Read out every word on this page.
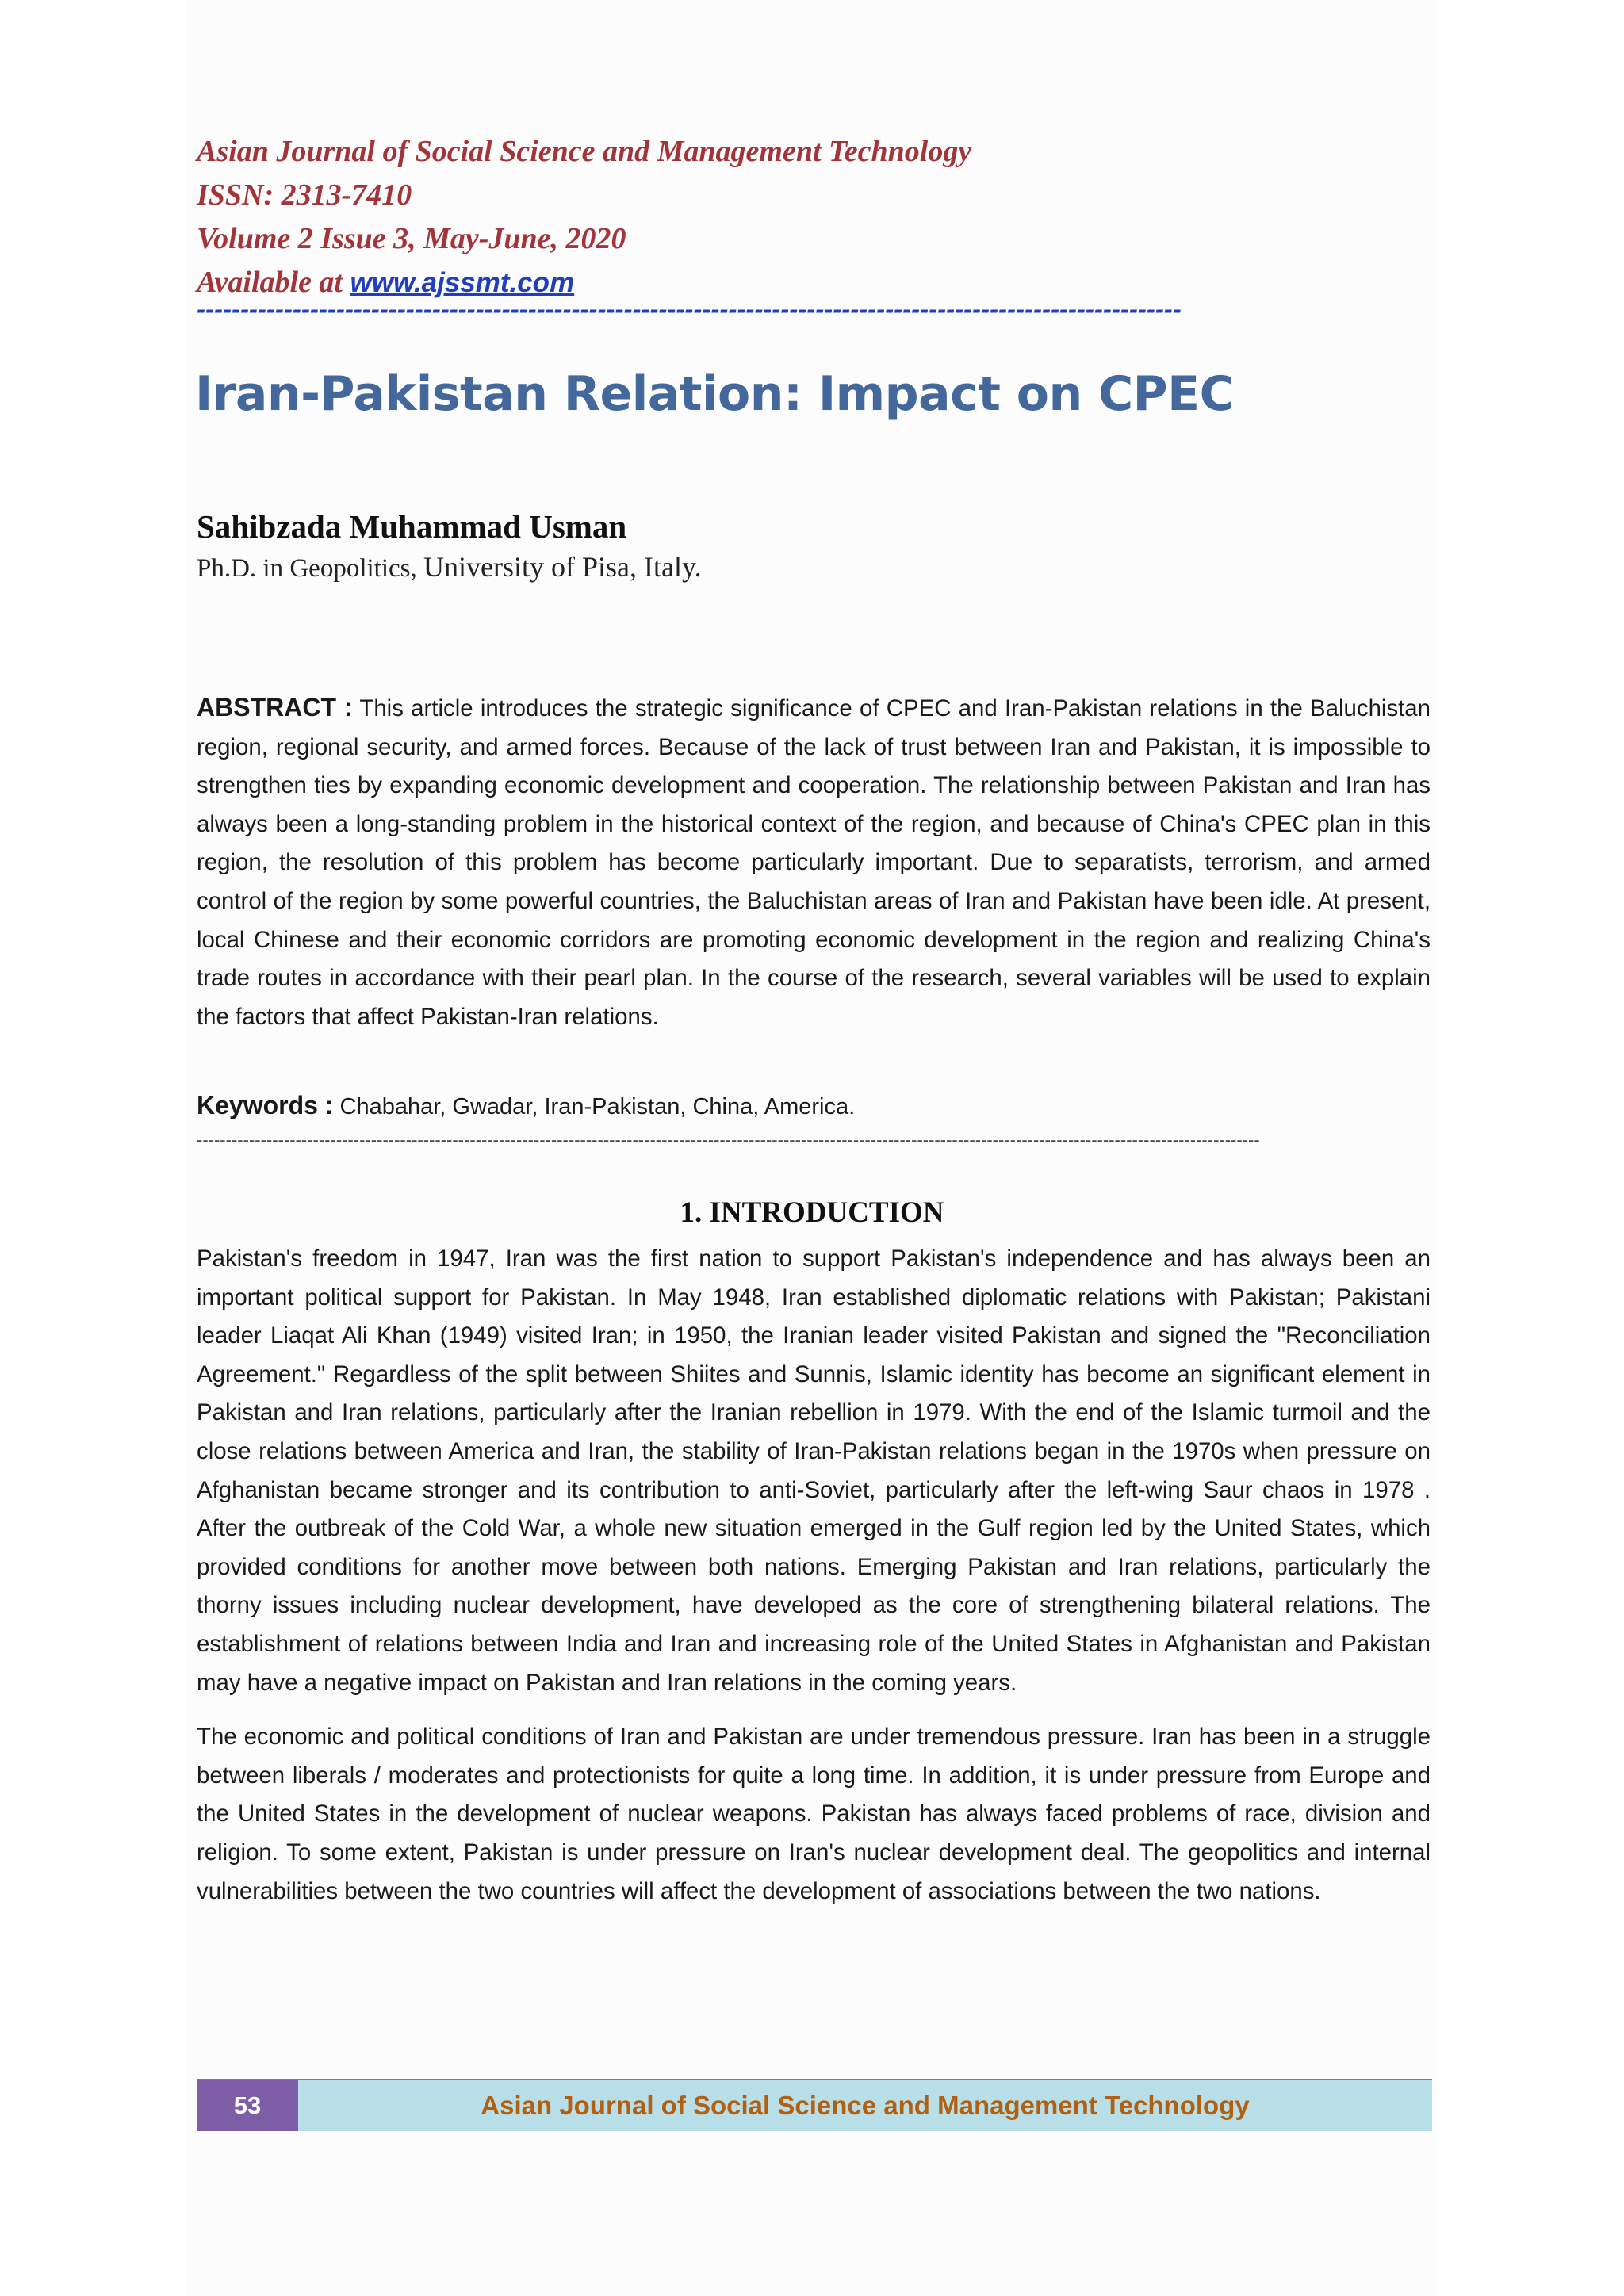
Asian Journal of Social Science and Management Technology
ISSN: 2313-7410
Volume 2 Issue 3, May-June, 2020
Available at www.ajssmt.com
-----------------------------------------------------------------------------------------------------------------
Iran-Pakistan Relation: Impact on CPEC
Sahibzada Muhammad Usman
Ph.D. in Geopolitics, University of Pisa, Italy.
ABSTRACT : This article introduces the strategic significance of CPEC and Iran-Pakistan relations in the Baluchistan region, regional security, and armed forces. Because of the lack of trust between Iran and Pakistan, it is impossible to strengthen ties by expanding economic development and cooperation. The relationship between Pakistan and Iran has always been a long-standing problem in the historical context of the region, and because of China's CPEC plan in this region, the resolution of this problem has become particularly important. Due to separatists, terrorism, and armed control of the region by some powerful countries, the Baluchistan areas of Iran and Pakistan have been idle. At present, local Chinese and their economic corridors are promoting economic development in the region and realizing China's trade routes in accordance with their pearl plan. In the course of the research, several variables will be used to explain the factors that affect Pakistan-Iran relations.
Keywords : Chabahar, Gwadar, Iran-Pakistan, China, America.
---------------------------------------------------------------------------------------------------------------------------------------------------------------------------------------
1. INTRODUCTION

Pakistan's freedom in 1947, Iran was the first nation to support Pakistan's independence and has always been an important political support for Pakistan. In May 1948, Iran established diplomatic relations with Pakistan; Pakistani leader Liaqat Ali Khan (1949) visited Iran; in 1950, the Iranian leader visited Pakistan and signed the "Reconciliation Agreement." Regardless of the split between Shiites and Sunnis, Islamic identity has become an significant element in Pakistan and Iran relations, particularly after the Iranian rebellion in 1979. With the end of the Islamic turmoil and the close relations between America and Iran, the stability of Iran-Pakistan relations began in the 1970s when pressure on Afghanistan became stronger and its contribution to anti-Soviet, particularly after the left-wing Saur chaos in 1978 . After the outbreak of the Cold War, a whole new situation emerged in the Gulf region led by the United States, which provided conditions for another move between both nations. Emerging Pakistan and Iran relations, particularly the thorny issues including nuclear development, have developed as the core of strengthening bilateral relations. The establishment of relations between India and Iran and increasing role of the United States in Afghanistan and Pakistan may have a negative impact on Pakistan and Iran relations in the coming years.

The economic and political conditions of Iran and Pakistan are under tremendous pressure. Iran has been in a struggle between liberals / moderates and protectionists for quite a long time. In addition, it is under pressure from Europe and the United States in the development of nuclear weapons. Pakistan has always faced problems of race, division and religion. To some extent, Pakistan is under pressure on Iran's nuclear development deal. The geopolitics and internal vulnerabilities between the two countries will affect the development of associations between the two nations.

53	Asian Journal of Social Science and Management Technology
